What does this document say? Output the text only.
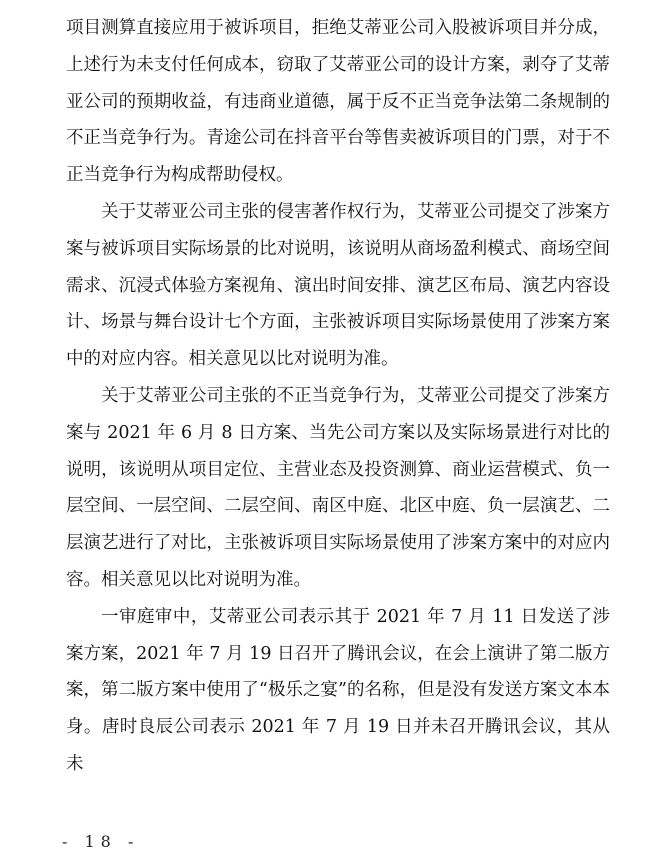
项目测算直接应用于被诉项目，拒绝艾蒂亚公司入股被诉项目并分成，上述行为未支付任何成本，窃取了艾蒂亚公司的设计方案，剥夺了艾蒂亚公司的预期收益，有违商业道德，属于反不正当竞争法第二条规制的不正当竞争行为。青途公司在抖音平台等售卖被诉项目的门票，对于不正当竞争行为构成帮助侵权。

关于艾蒂亚公司主张的侵害著作权行为，艾蒂亚公司提交了涉案方案与被诉项目实际场景的比对说明，该说明从商场盈利模式、商场空间需求、沉浸式体验方案视角、演出时间安排、演艺区布局、演艺内容设计、场景与舞台设计七个方面，主张被诉项目实际场景使用了涉案方案中的对应内容。相关意见以比对说明为准。

关于艾蒂亚公司主张的不正当竞争行为，艾蒂亚公司提交了涉案方案与 2021 年 6 月 8 日方案、当先公司方案以及实际场景进行对比的说明，该说明从项目定位、主营业态及投资测算、商业运营模式、负一层空间、一层空间、二层空间、南区中庭、北区中庭、负一层演艺、二层演艺进行了对比，主张被诉项目实际场景使用了涉案方案中的对应内容。相关意见以比对说明为准。

一审庭审中，艾蒂亚公司表示其于 2021 年 7 月 11 日发送了涉案方案，2021 年 7 月 19 日召开了腾讯会议，在会上演讲了第二版方案，第二版方案中使用了“极乐之宴”的名称，但是没有发送方案文本本身。唐时良辰公司表示 2021 年 7 月 19 日并未召开腾讯会议，其从未

- 18 -
